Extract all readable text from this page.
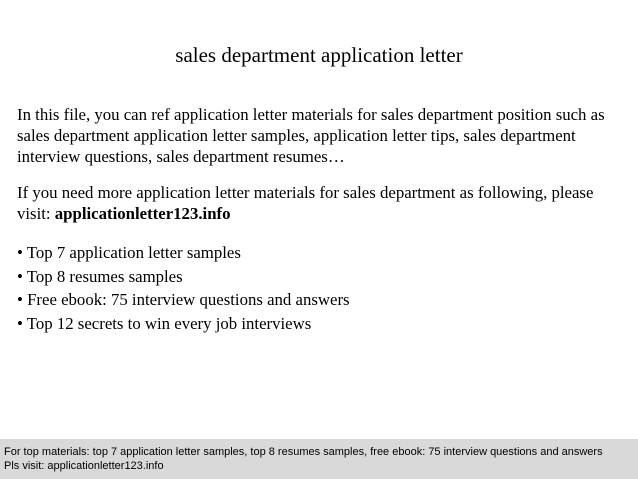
sales department application letter

In this file, you can ref application letter materials for sales department position such as sales department application letter samples, application letter tips, sales department interview questions, sales department resumes…

If you need more application letter materials for sales department as following, please visit: applicationletter123.info

• Top 7 application letter samples
• Top 8 resumes samples
• Free ebook: 75 interview questions and answers
• Top 12 secrets to win every job interviews
For top materials: top 7 application letter samples, top 8 resumes samples, free ebook: 75 interview questions and answers
Pls visit: applicationletter123.info
